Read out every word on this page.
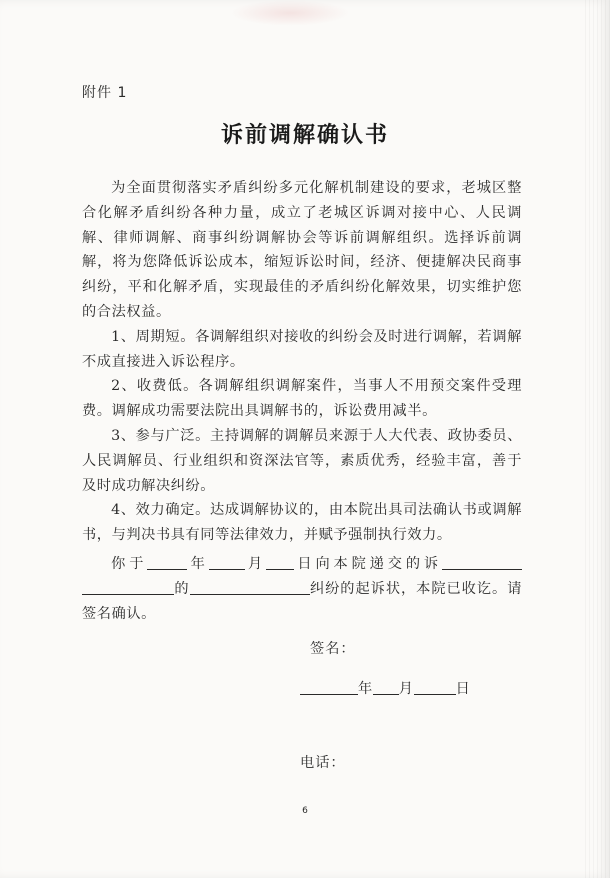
附件 1
诉前调解确认书

为全面贯彻落实矛盾纠纷多元化解机制建设的要求，老城区整合化解矛盾纠纷各种力量，成立了老城区诉调对接中心、人民调解、律师调解、商事纠纷调解协会等诉前调解组织。选择诉前调解，将为您降低诉讼成本，缩短诉讼时间，经济、便捷解决民商事纠纷，平和化解矛盾，实现最佳的矛盾纠纷化解效果，切实维护您的合法权益。

1、周期短。各调解组织对接收的纠纷会及时进行调解，若调解不成直接进入诉讼程序。

2、收费低。各调解组织调解案件，当事人不用预交案件受理费。调解成功需要法院出具调解书的，诉讼费用减半。

3、参与广泛。主持调解的调解员来源于人大代表、政协委员、人民调解员、行业组织和资深法官等，素质优秀，经验丰富，善于及时成功解决纠纷。

4、效力确定。达成调解协议的，由本院出具司法确认书或调解书，与判决书具有同等法律效力，并赋予强制执行效力。

你于	年	月 日向本院递交的诉的	纠纷的起诉状，本院已收讫。请签名确认。

签名：
年 月	日
电话：
6
